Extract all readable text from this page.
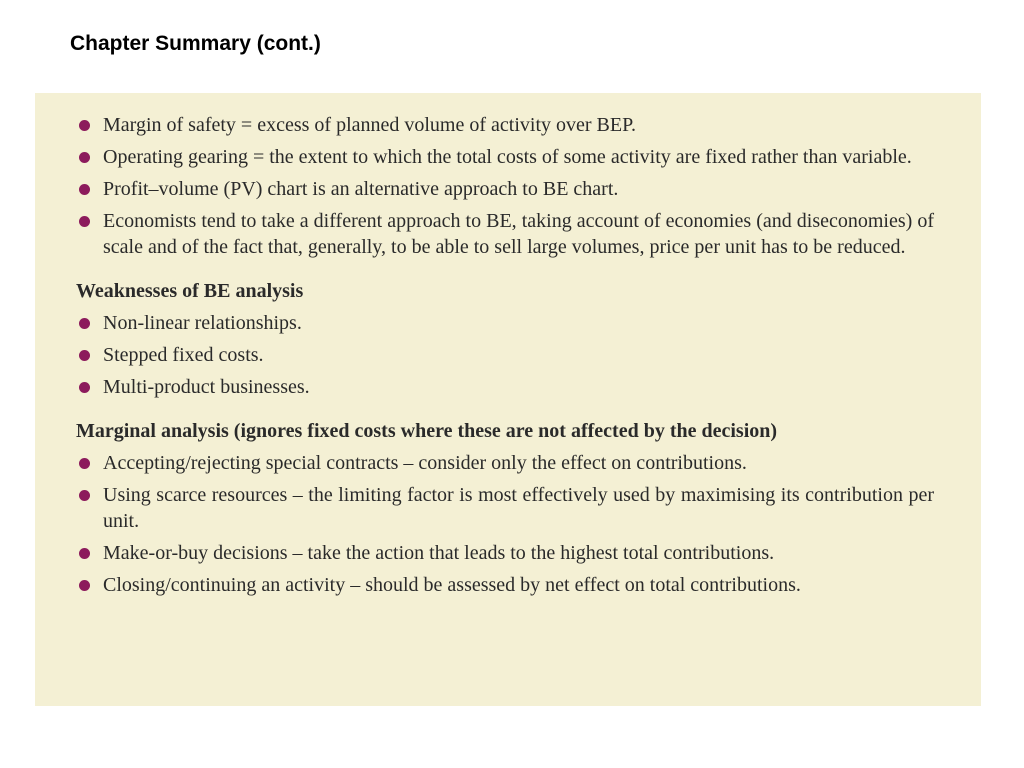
Chapter Summary (cont.)
Margin of safety = excess of planned volume of activity over BEP.
Operating gearing = the extent to which the total costs of some activity are fixed rather than variable.
Profit–volume (PV) chart is an alternative approach to BE chart.
Economists tend to take a different approach to BE, taking account of economies (and diseconomies) of scale and of the fact that, generally, to be able to sell large volumes, price per unit has to be reduced.
Weaknesses of BE analysis
Non-linear relationships.
Stepped fixed costs.
Multi-product businesses.
Marginal analysis (ignores fixed costs where these are not affected by the decision)
Accepting/rejecting special contracts – consider only the effect on contributions.
Using scarce resources – the limiting factor is most effectively used by maximising its contribution per unit.
Make-or-buy decisions – take the action that leads to the highest total contributions.
Closing/continuing an activity – should be assessed by net effect on total contributions.
